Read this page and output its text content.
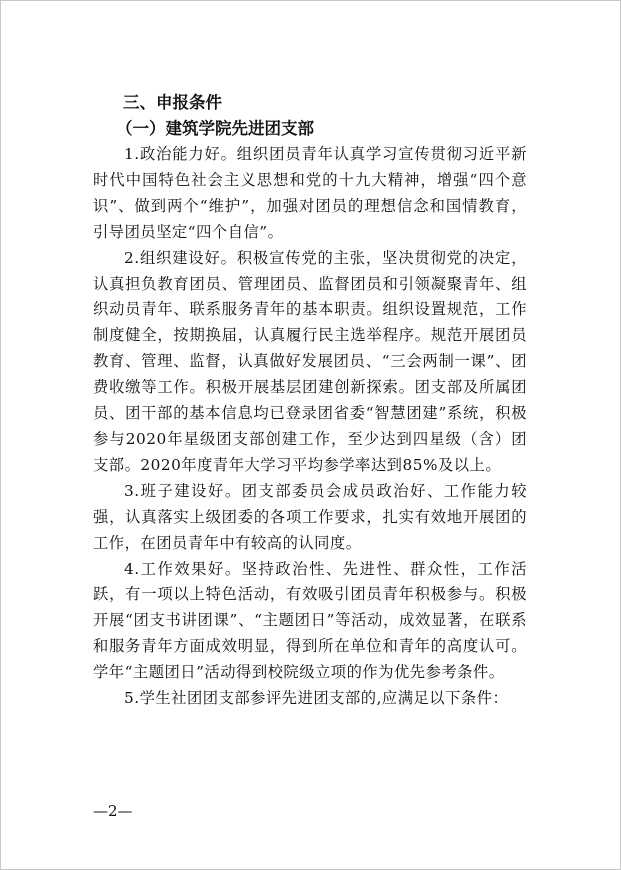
三、申报条件
（一）建筑学院先进团支部

1.政治能力好。组织团员青年认真学习宣传贯彻习近平新时代中国特色社会主义思想和党的十九大精神，增强“四个意识”、做到两个“维护”，加强对团员的理想信念和国情教育，引导团员坚定“四个自信”。

2.组织建设好。积极宣传党的主张，坚决贯彻党的决定，认真担负教育团员、管理团员、监督团员和引领凝聚青年、组织动员青年、联系服务青年的基本职责。组织设置规范，工作制度健全，按期换届，认真履行民主选举程序。规范开展团员教育、管理、监督，认真做好发展团员、“三会两制一课”、团费收缴等工作。积极开展基层团建创新探索。团支部及所属团员、团干部的基本信息均已登录团省委“智慧团建”系统，积极参与2020年星级团支部创建工作，至少达到四星级（含）团支部。2020年度青年大学习平均参学率达到85%及以上。

3.班子建设好。团支部委员会成员政治好、工作能力较强，认真落实上级团委的各项工作要求，扎实有效地开展团的工作，在团员青年中有较高的认同度。

4.工作效果好。坚持政治性、先进性、群众性，工作活跃，有一项以上特色活动，有效吸引团员青年积极参与。积极开展“团支书讲团课”、“主题团日”等活动，成效显著，在联系和服务青年方面成效明显，得到所在单位和青年的高度认可。学年“主题团日”活动得到校院级立项的作为优先参考条件。

5.学生社团团支部参评先进团支部的,应满足以下条件：

—2—
